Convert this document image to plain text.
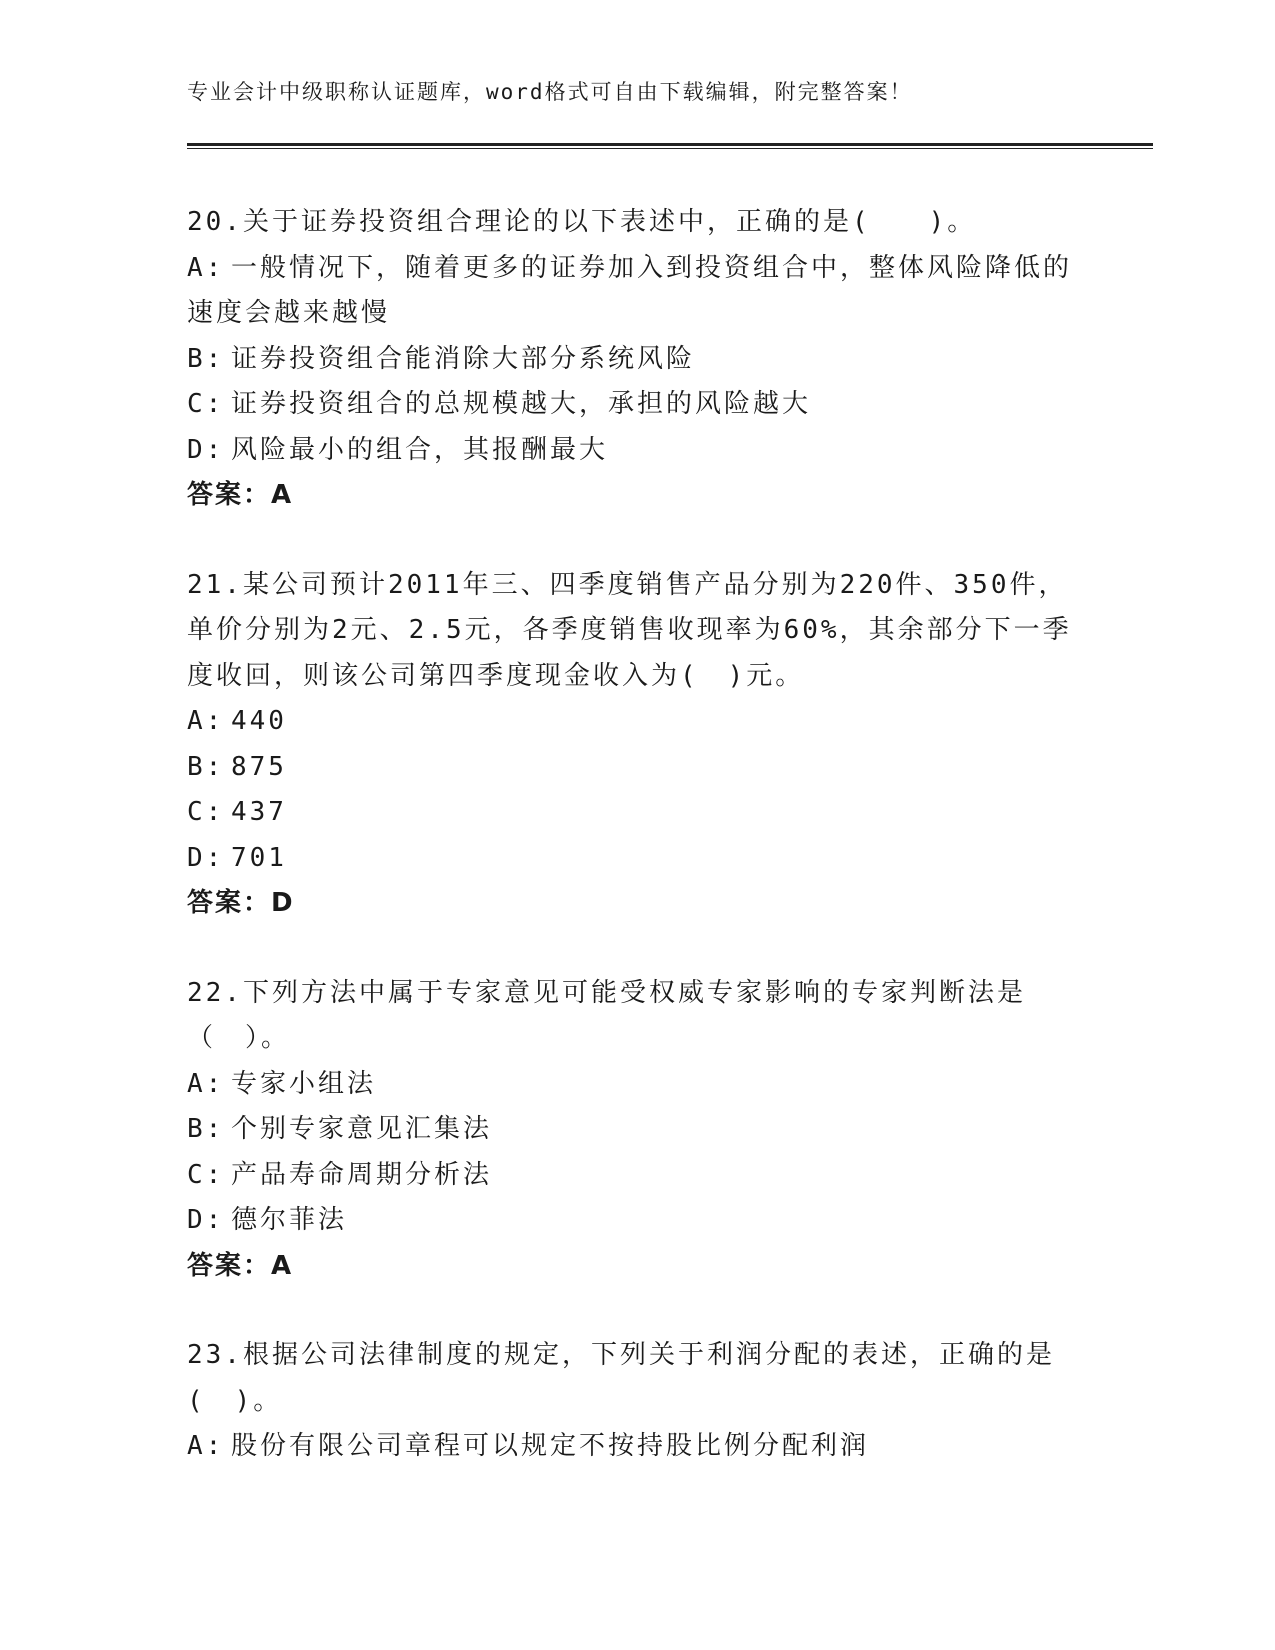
专业会计中级职称认证题库，word格式可自由下载编辑，附完整答案！
20.关于证券投资组合理论的以下表述中，正确的是(　　)。
A: 一般情况下，随着更多的证券加入到投资组合中，整体风险降低的速度会越来越慢
B: 证券投资组合能消除大部分系统风险
C: 证券投资组合的总规模越大，承担的风险越大
D: 风险最小的组合，其报酬最大
答案：A
21.某公司预计2011年三、四季度销售产品分别为220件、350件，单价分别为2元、2.5元，各季度销售收现率为60%，其余部分下一季度收回，则该公司第四季度现金收入为(　)元。
A: 440
B: 875
C: 437
D: 701
答案：D
22.下列方法中属于专家意见可能受权威专家影响的专家判断法是（　）。
A: 专家小组法
B: 个别专家意见汇集法
C: 产品寿命周期分析法
D: 德尔菲法
答案：A
23.根据公司法律制度的规定，下列关于利润分配的表述，正确的是(　)。
A: 股份有限公司章程可以规定不按持股比例分配利润
